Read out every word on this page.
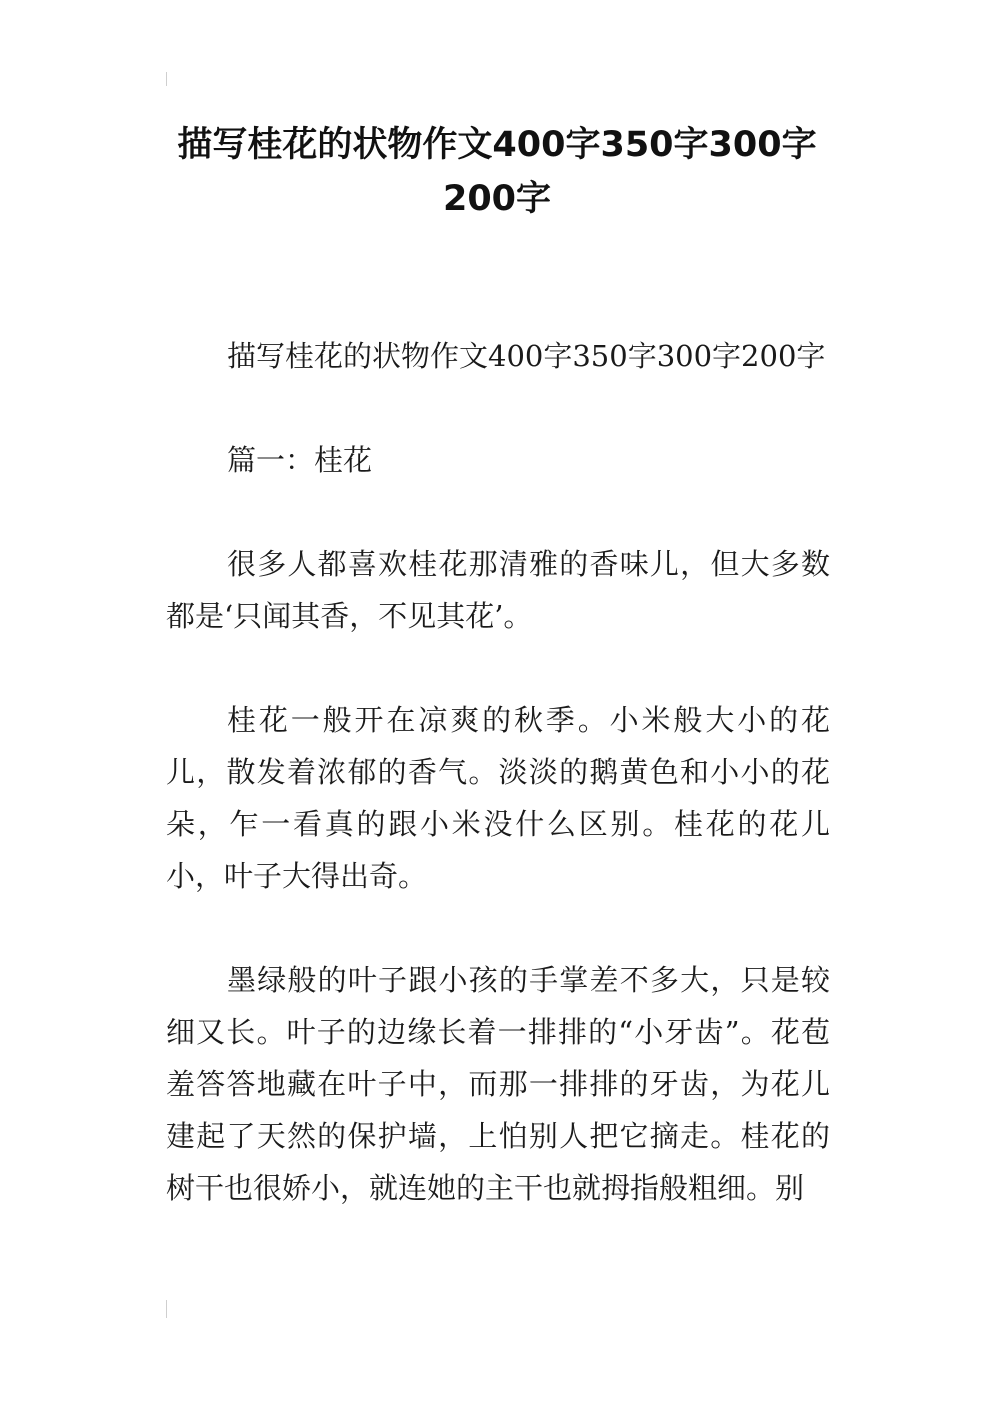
描写桂花的状物作文400字350字300字200字

描写桂花的状物作文400字350字300字200字

篇一：桂花

很多人都喜欢桂花那清雅的香味儿，但大多数都是‘只闻其香，不见其花’。

桂花一般开在凉爽的秋季。小米般大小的花儿，散发着浓郁的香气。淡淡的鹅黄色和小小的花朵，乍一看真的跟小米没什么区别。桂花的花儿小，叶子大得出奇。

墨绿般的叶子跟小孩的手掌差不多大，只是较细又长。叶子的边缘长着一排排的“小牙齿”。花苞羞答答地藏在叶子中，而那一排排的牙齿，为花儿建起了天然的保护墙，上怕别人把它摘走。桂花的树干也很娇小，就连她的主干也就拇指般粗细。别
